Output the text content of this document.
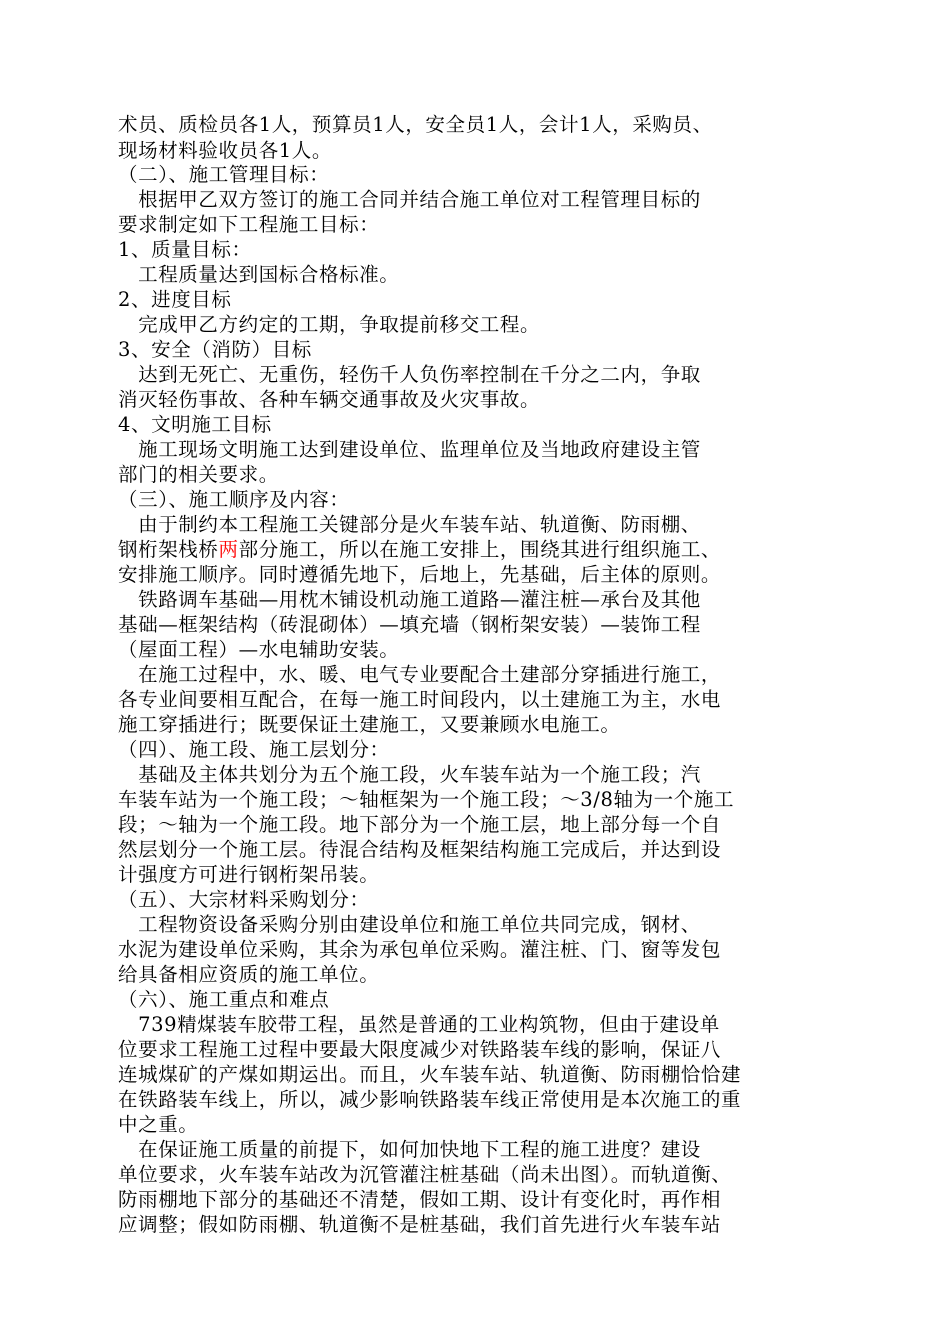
术员、质检员各1人，预算员1人，安全员1人，会计1人，采购员、
现场材料验收员各1人。
（二）、施工管理目标：
　根据甲乙双方签订的施工合同并结合施工单位对工程管理目标的
要求制定如下工程施工目标：
1、质量目标：
　工程质量达到国标合格标准。
2、进度目标
　完成甲乙方约定的工期，争取提前移交工程。
3、安全（消防）目标
　达到无死亡、无重伤，轻伤千人负伤率控制在千分之二内，争取
消灭轻伤事故、各种车辆交通事故及火灾事故。
4、文明施工目标
　施工现场文明施工达到建设单位、监理单位及当地政府建设主管
部门的相关要求。
（三）、施工顺序及内容：
　由于制约本工程施工关键部分是火车装车站、轨道衡、防雨棚、
钢桁架栈桥两部分施工，所以在施工安排上，围绕其进行组织施工、
安排施工顺序。同时遵循先地下，后地上，先基础，后主体的原则。
　铁路调车基础—用枕木铺设机动施工道路—灌注桩—承台及其他
基础—框架结构（砖混砌体）—填充墙（钢桁架安装）—装饰工程
（屋面工程）—水电辅助安装。
　在施工过程中，水、暖、电气专业要配合土建部分穿插进行施工，
各专业间要相互配合，在每一施工时间段内，以土建施工为主，水电
施工穿插进行；既要保证土建施工，又要兼顾水电施工。
（四）、施工段、施工层划分：
　基础及主体共划分为五个施工段，火车装车站为一个施工段；汽
车装车站为一个施工段；～轴框架为一个施工段；～3/8轴为一个施工
段；～轴为一个施工段。地下部分为一个施工层，地上部分每一个自
然层划分一个施工层。待混合结构及框架结构施工完成后，并达到设
计强度方可进行钢桁架吊装。
（五）、大宗材料采购划分：
　工程物资设备采购分别由建设单位和施工单位共同完成，钢材、
水泥为建设单位采购，其余为承包单位采购。灌注桩、门、窗等发包
给具备相应资质的施工单位。
（六）、施工重点和难点
　739精煤装车胶带工程，虽然是普通的工业构筑物，但由于建设单
位要求工程施工过程中要最大限度减少对铁路装车线的影响，保证八
连城煤矿的产煤如期运出。而且，火车装车站、轨道衡、防雨棚恰恰建
在铁路装车线上，所以，减少影响铁路装车线正常使用是本次施工的重
中之重。
　在保证施工质量的前提下，如何加快地下工程的施工进度？建设
单位要求，火车装车站改为沉管灌注桩基础（尚未出图）。而轨道衡、
防雨棚地下部分的基础还不清楚，假如工期、设计有变化时，再作相
应调整；假如防雨棚、轨道衡不是桩基础，我们首先进行火车装车站
